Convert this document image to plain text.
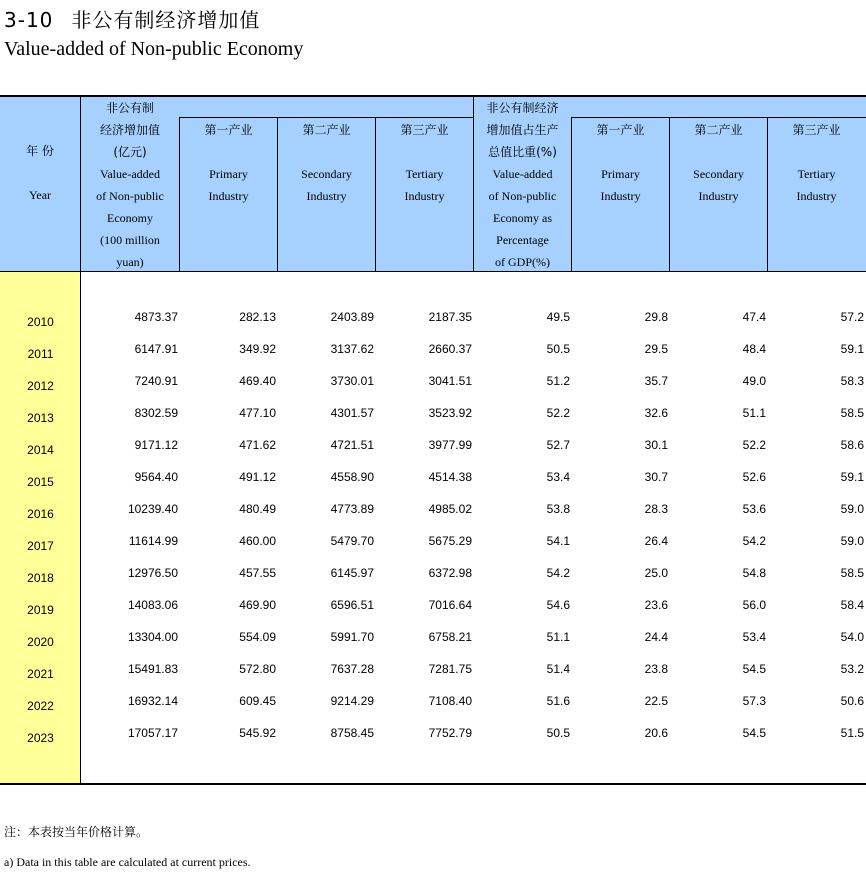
3-10 非公有制经济增加值
Value-added of Non-public Economy
年 份
Year
非公有制
经济增加值
(亿元)
Value-added
of Non-public
Economy
(100 million
yuan)
第一产业
Primary
Industry
第二产业
Secondary
Industry
第三产业
Tertiary
Industry
非公有制经济
增加值占生产
总值比重(%)
Value-added
of Non-public
Economy as
Percentage
of GDP(%)
第一产业
Primary
Industry
第二产业
Secondary
Industry
第三产业
Tertiary
Industry
2010	4873.37	282.13	2403.89	2187.35	49.5	29.8	47.4	57.2
2011	6147.91	349.92	3137.62	2660.37	50.5	29.5	48.4	59.1
2012	7240.91	469.40	3730.01	3041.51	51.2	35.7	49.0	58.3
2013	8302.59	477.10	4301.57	3523.92	52.2	32.6	51.1	58.5
2014	9171.12	471.62	4721.51	3977.99	52.7	30.1	52.2	58.6
2015	9564.40	491.12	4558.90	4514.38	53.4	30.7	52.6	59.1
2016	10239.40	480.49	4773.89	4985.02	53.8	28.3	53.6	59.0
2017	11614.99	460.00	5479.70	5675.29	54.1	26.4	54.2	59.0
2018	12976.50	457.55	6145.97	6372.98	54.2	25.0	54.8	58.5
2019	14083.06	469.90	6596.51	7016.64	54.6	23.6	56.0	58.4
2020	13304.00	554.09	5991.70	6758.21	51.1	24.4	53.4	54.0
2021	15491.83	572.80	7637.28	7281.75	51.4	23.8	54.5	53.2
2022	16932.14	609.45	9214.29	7108.40	51.6	22.5	57.3	50.6
2023	17057.17	545.92	8758.45	7752.79	50.5	20.6	54.5	51.5
注：本表按当年价格计算。
a) Data in this table are calculated at current prices.
